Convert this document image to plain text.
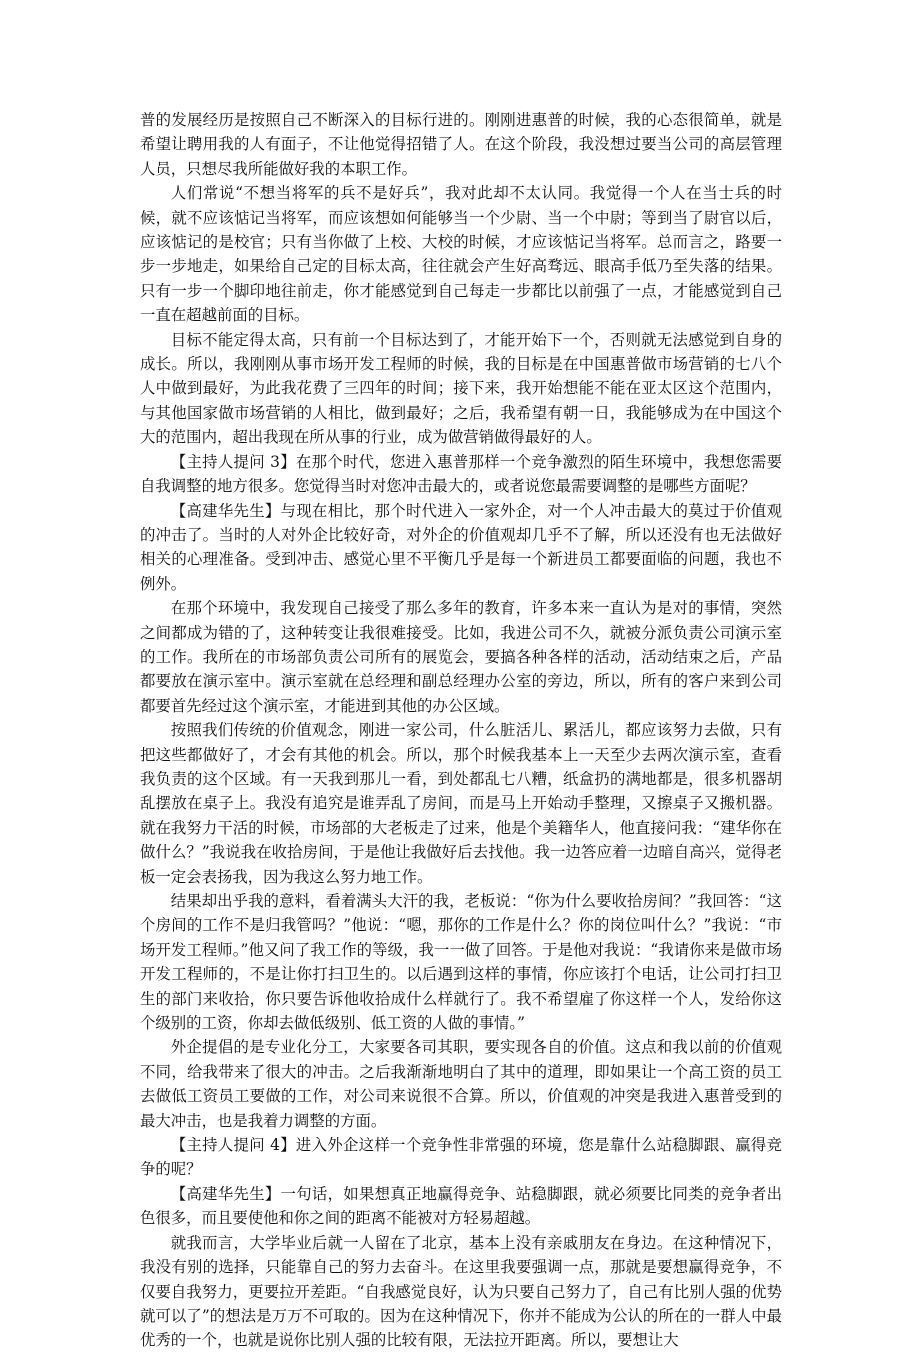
普的发展经历是按照自己不断深入的目标行进的。刚刚进惠普的时候，我的心态很简单，就是希望让聘用我的人有面子，不让他觉得招错了人。在这个阶段，我没想过要当公司的高层管理人员，只想尽我所能做好我的本职工作。

人们常说“不想当将军的兵不是好兵”，我对此却不太认同。我觉得一个人在当士兵的时候，就不应该惦记当将军，而应该想如何能够当一个少尉、当一个中尉；等到当了尉官以后，应该惦记的是校官；只有当你做了上校、大校的时候，才应该惦记当将军。总而言之，路要一步一步地走，如果给自己定的目标太高，往往就会产生好高骛远、眼高手低乃至失落的结果。只有一步一个脚印地往前走，你才能感觉到自己每走一步都比以前强了一点，才能感觉到自己一直在超越前面的目标。

目标不能定得太高，只有前一个目标达到了，才能开始下一个，否则就无法感觉到自身的成长。所以，我刚刚从事市场开发工程师的时候，我的目标是在中国惠普做市场营销的七八个人中做到最好，为此我花费了三四年的时间；接下来，我开始想能不能在亚太区这个范围内，与其他国家做市场营销的人相比，做到最好；之后，我希望有朝一日，我能够成为在中国这个大的范围内，超出我现在所从事的行业，成为做营销做得最好的人。

【主持人提问 3】在那个时代，您进入惠普那样一个竞争激烈的陌生环境中，我想您需要自我调整的地方很多。您觉得当时对您冲击最大的，或者说您最需要调整的是哪些方面呢？

【高建华先生】与现在相比，那个时代进入一家外企，对一个人冲击最大的莫过于价值观的冲击了。当时的人对外企比较好奇，对外企的价值观却几乎不了解，所以还没有也无法做好相关的心理准备。受到冲击、感觉心里不平衡几乎是每一个新进员工都要面临的问题，我也不例外。

在那个环境中，我发现自己接受了那么多年的教育，许多本来一直认为是对的事情，突然之间都成为错的了，这种转变让我很难接受。比如，我进公司不久，就被分派负责公司演示室的工作。我所在的市场部负责公司所有的展览会，要搞各种各样的活动，活动结束之后，产品都要放在演示室中。演示室就在总经理和副总经理办公室的旁边，所以，所有的客户来到公司都要首先经过这个演示室，才能进到其他的办公区域。

按照我们传统的价值观念，刚进一家公司，什么脏活儿、累活儿，都应该努力去做，只有把这些都做好了，才会有其他的机会。所以，那个时候我基本上一天至少去两次演示室，查看我负责的这个区域。有一天我到那儿一看，到处都乱七八糟，纸盒扔的满地都是，很多机器胡乱摆放在桌子上。我没有追究是谁弄乱了房间，而是马上开始动手整理，又擦桌子又搬机器。就在我努力干活的时候，市场部的大老板走了过来，他是个美籍华人，他直接问我：“建华你在做什么？”我说我在收拾房间，于是他让我做好后去找他。我一边答应着一边暗自高兴，觉得老板一定会表扬我，因为我这么努力地工作。

结果却出乎我的意料，看着满头大汗的我，老板说：“你为什么要收拾房间？”我回答：“这个房间的工作不是归我管吗？”他说：“嗯，那你的工作是什么？你的岗位叫什么？”我说：“市场开发工程师。”他又问了我工作的等级，我一一做了回答。于是他对我说：“我请你来是做市场开发工程师的，不是让你打扫卫生的。以后遇到这样的事情，你应该打个电话，让公司打扫卫生的部门来收拾，你只要告诉他收拾成什么样就行了。我不希望雇了你这样一个人，发给你这个级别的工资，你却去做低级别、低工资的人做的事情。”

外企提倡的是专业化分工，大家要各司其职，要实现各自的价值。这点和我以前的价值观不同，给我带来了很大的冲击。之后我渐渐地明白了其中的道理，即如果让一个高工资的员工去做低工资员工要做的工作，对公司来说很不合算。所以，价值观的冲突是我进入惠普受到的最大冲击，也是我着力调整的方面。

【主持人提问 4】进入外企这样一个竞争性非常强的环境，您是靠什么站稳脚跟、赢得竞争的呢？

【高建华先生】一句话，如果想真正地赢得竞争、站稳脚跟，就必须要比同类的竞争者出色很多，而且要使他和你之间的距离不能被对方轻易超越。

就我而言，大学毕业后就一人留在了北京，基本上没有亲戚朋友在身边。在这种情况下，我没有别的选择，只能靠自己的努力去奋斗。在这里我要强调一点，那就是要想赢得竞争，不仅要自我努力，更要拉开差距。“自我感觉良好，认为只要自己努力了，自己有比别人强的优势就可以了”的想法是万万不可取的。因为在这种情况下，你并不能成为公认的所在的一群人中最优秀的一个，也就是说你比别人强的比较有限，无法拉开距离。所以，要想让大
